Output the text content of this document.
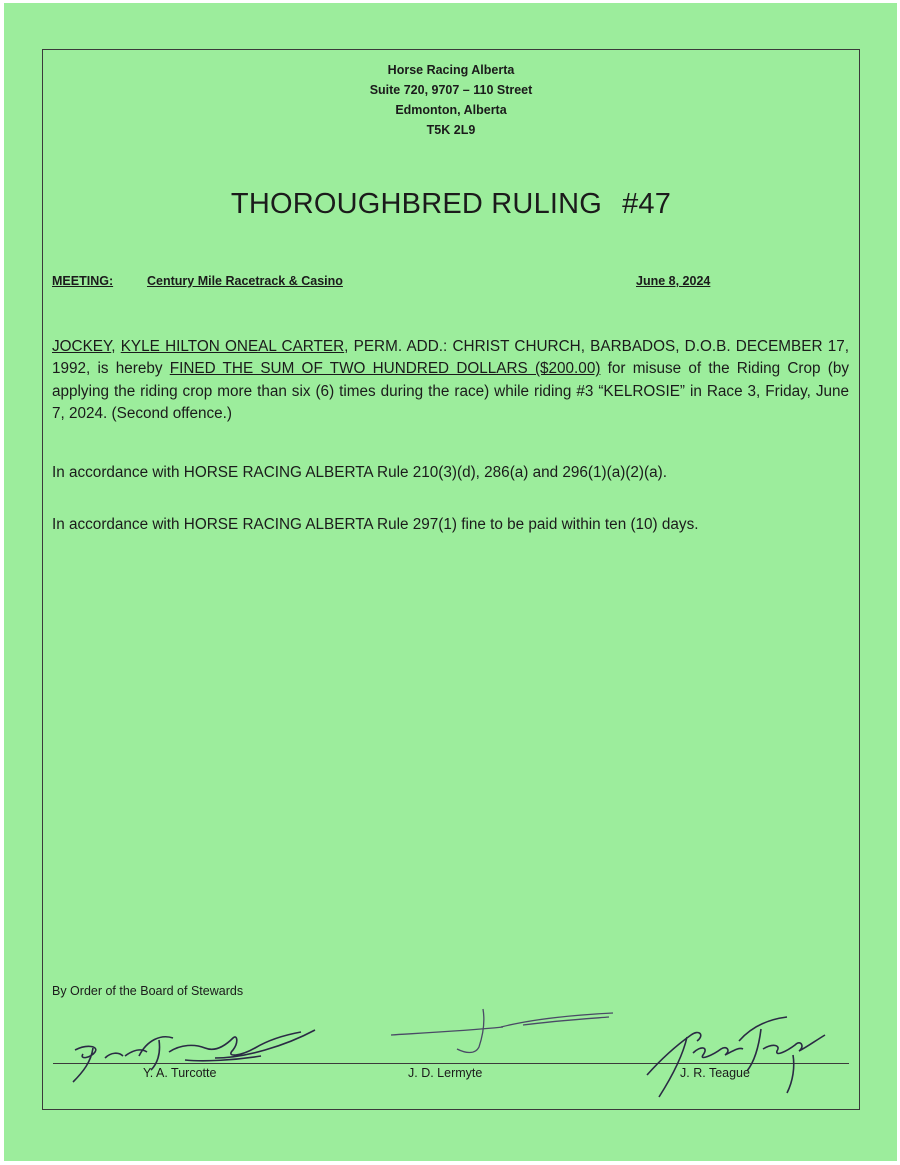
Horse Racing Alberta
Suite 720, 9707 – 110 Street
Edmonton, Alberta
T5K 2L9
THOROUGHBRED RULING #47
MEETING:	Century Mile Racetrack & Casino	June 8, 2024
JOCKEY, KYLE HILTON ONEAL CARTER, PERM. ADD.: CHRIST CHURCH, BARBADOS, D.O.B. DECEMBER 17, 1992, is hereby FINED THE SUM OF TWO HUNDRED DOLLARS ($200.00) for misuse of the Riding Crop (by applying the riding crop more than six (6) times during the race) while riding #3 “KELROSIE” in Race 3, Friday, June 7, 2024. (Second offence.)
In accordance with HORSE RACING ALBERTA Rule 210(3)(d), 286(a) and 296(1)(a)(2)(a).
In accordance with HORSE RACING ALBERTA Rule 297(1) fine to be paid within ten (10) days.
By Order of the Board of Stewards
Y. A. Turcotte	J. D. Lermyte	J. R. Teague
